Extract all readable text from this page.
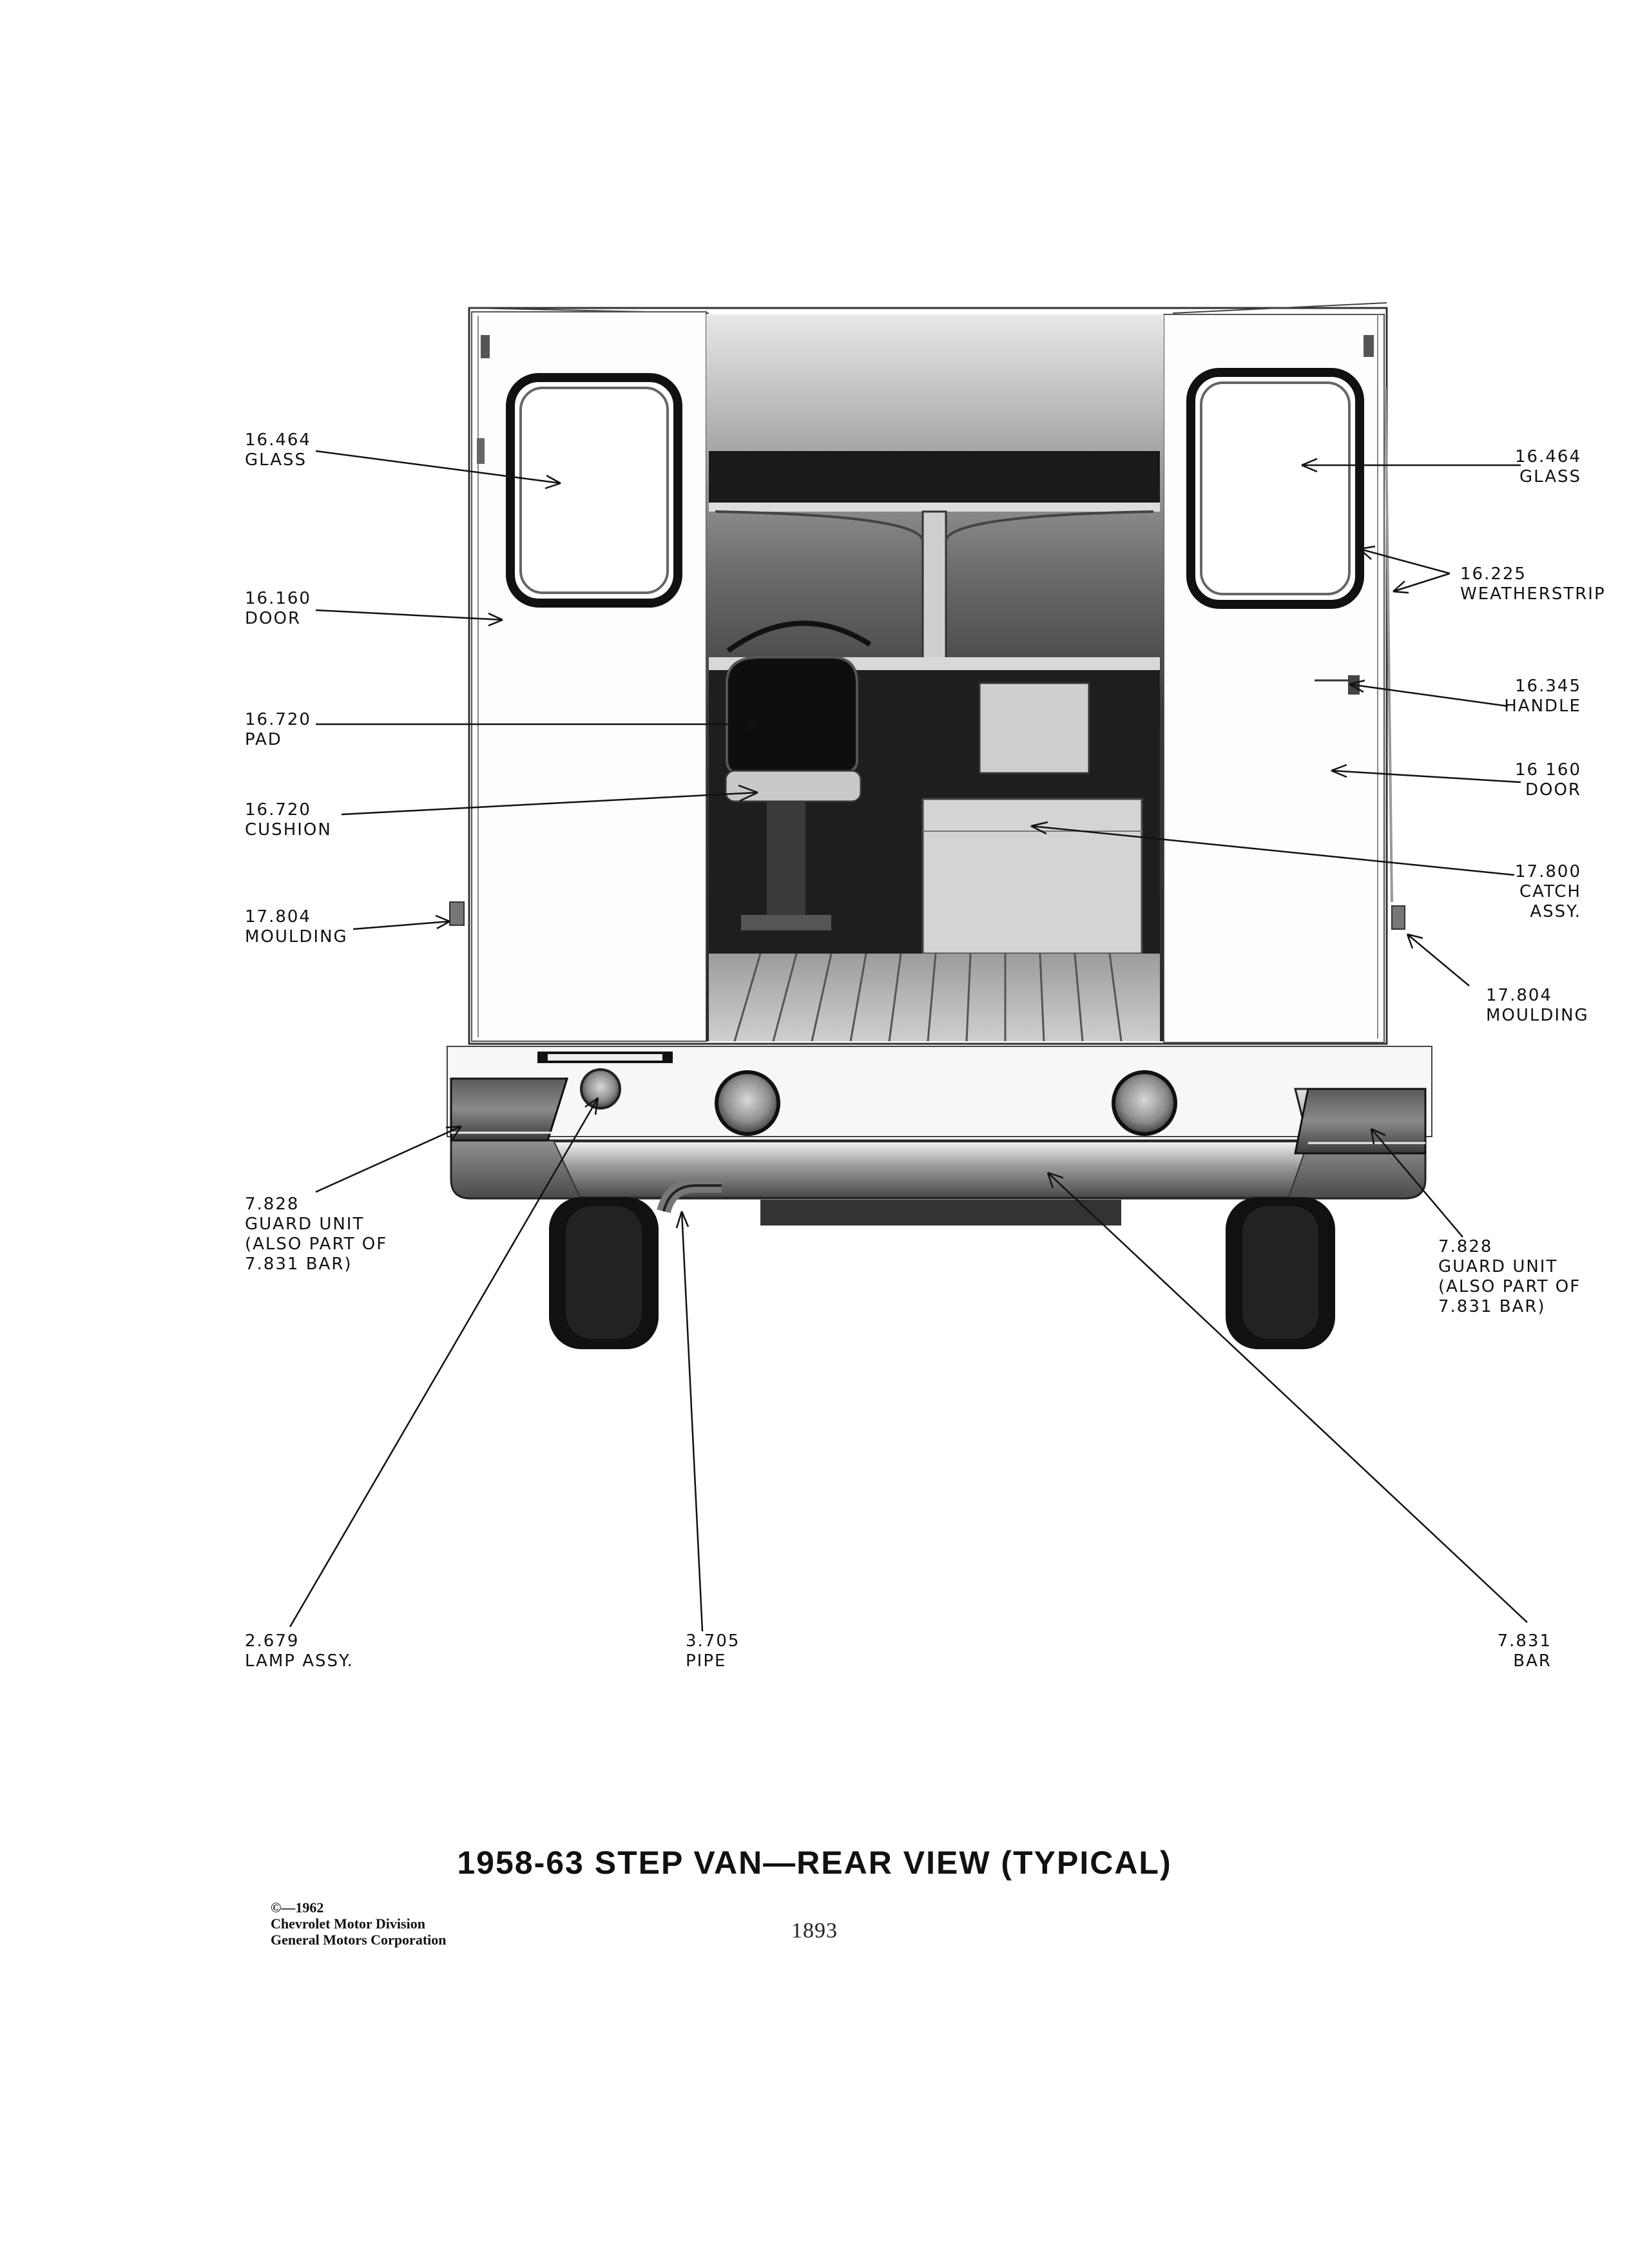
16.464
GLASS
16.160
DOOR
16.720
PAD
16.720
CUSHION
17.804
MOULDING
7.828
GUARD UNIT
(ALSO PART OF
7.831 BAR)
2.679
LAMP ASSY.
3.705
PIPE
7.831
BAR
16.464
GLASS
16.225
WEATHERSTRIP
16.345
HANDLE
16 160
DOOR
17.800
CATCH
ASSY.
17.804
MOULDING
7.828
GUARD UNIT
(ALSO PART OF
7.831 BAR)
1958-63 STEP VAN—REAR VIEW (TYPICAL)
©—1962
Chevrolet Motor Division
General Motors Corporation	1893
